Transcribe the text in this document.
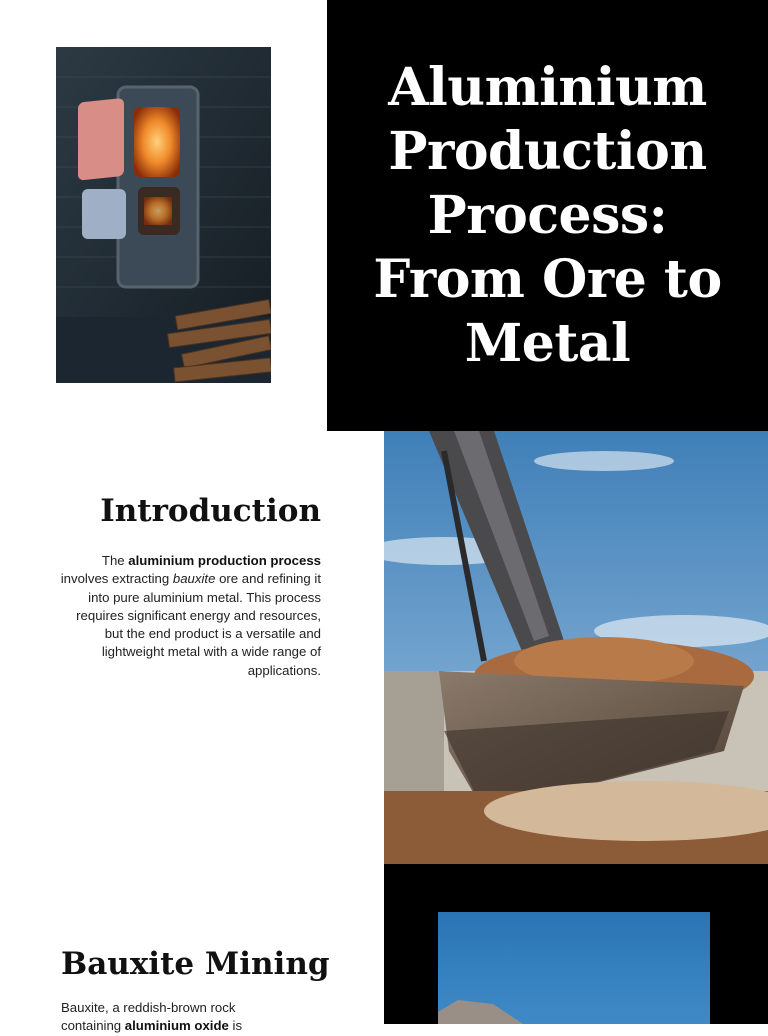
Aluminium Production Process: From Ore to Metal
Introduction
The aluminium production process involves extracting bauxite ore and refining it into pure aluminium metal. This process requires significant energy and resources, but the end product is a versatile and lightweight metal with a wide range of applications.
Bauxite Mining
Bauxite, a reddish-brown rock
containing aluminium oxide is
